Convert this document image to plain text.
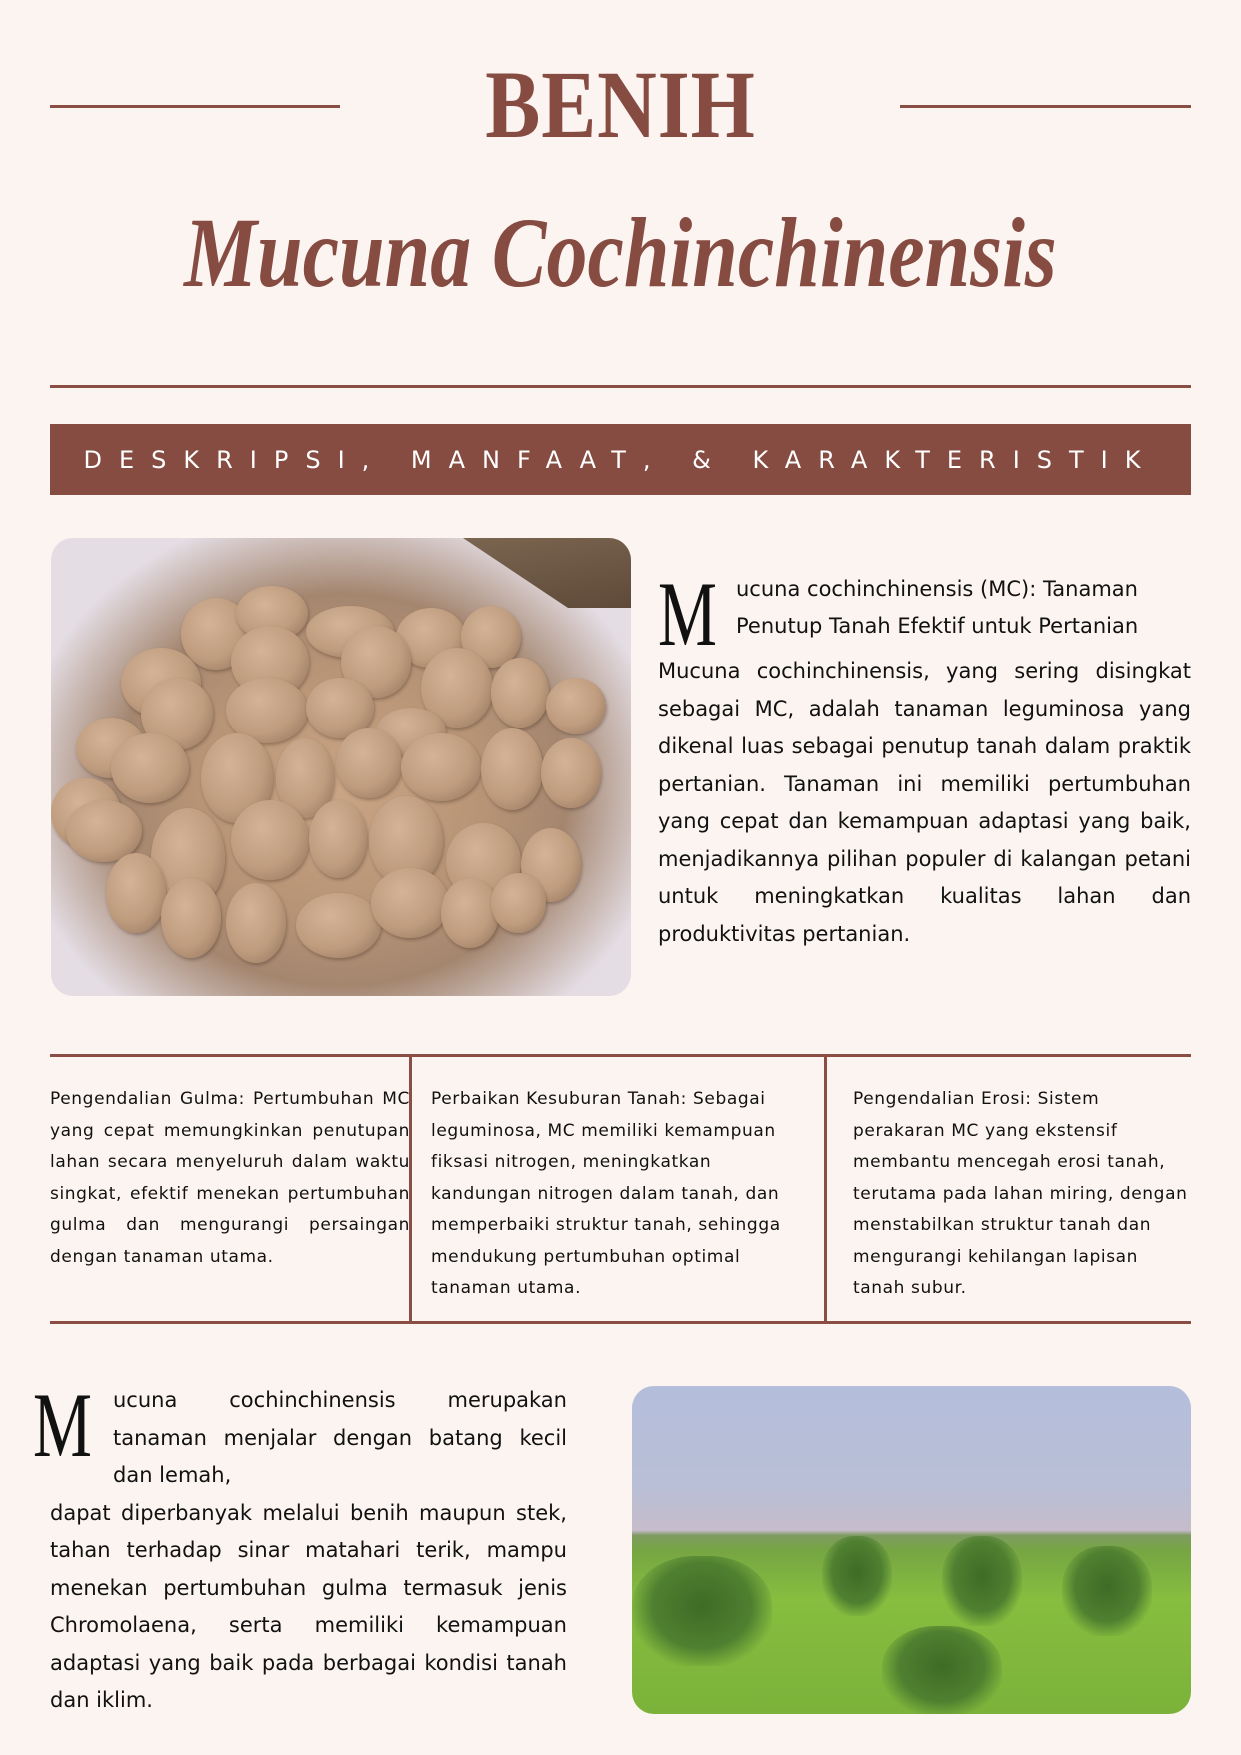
BENIH
Mucuna Cochinchinensis
DESKRIPSI, MANFAAT, & KARAKTERISTIK
M ucuna cochinchinensis (MC): Tanaman Penutup Tanah Efektif untuk Pertanian

Mucuna cochinchinensis, yang sering disingkat sebagai MC, adalah tanaman leguminosa yang dikenal luas sebagai penutup tanah dalam praktik pertanian. Tanaman ini memiliki pertumbuhan yang cepat dan kemampuan adaptasi yang baik, menjadikannya pilihan populer di kalangan petani untuk meningkatkan kualitas lahan dan produktivitas pertanian.

Pengendalian Gulma: Pertumbuhan MC yang cepat memungkinkan penutupan lahan secara menyeluruh dalam waktu singkat, efektif menekan pertumbuhan gulma dan mengurangi persaingan dengan tanaman utama.
Perbaikan Kesuburan Tanah: Sebagai leguminosa, MC memiliki kemampuan fiksasi nitrogen, meningkatkan kandungan nitrogen dalam tanah, dan memperbaiki struktur tanah, sehingga mendukung pertumbuhan optimal tanaman utama.
Pengendalian Erosi: Sistem perakaran MC yang ekstensif membantu mencegah erosi tanah, terutama pada lahan miring, dengan menstabilkan struktur tanah dan mengurangi kehilangan lapisan tanah subur.
M ucuna cochinchinensis merupakan tanaman menjalar dengan batang kecil dan lemah,

dapat diperbanyak melalui benih maupun stek, tahan terhadap sinar matahari terik, mampu menekan pertumbuhan gulma termasuk jenis Chromolaena, serta memiliki kemampuan adaptasi yang baik pada berbagai kondisi tanah dan iklim.
